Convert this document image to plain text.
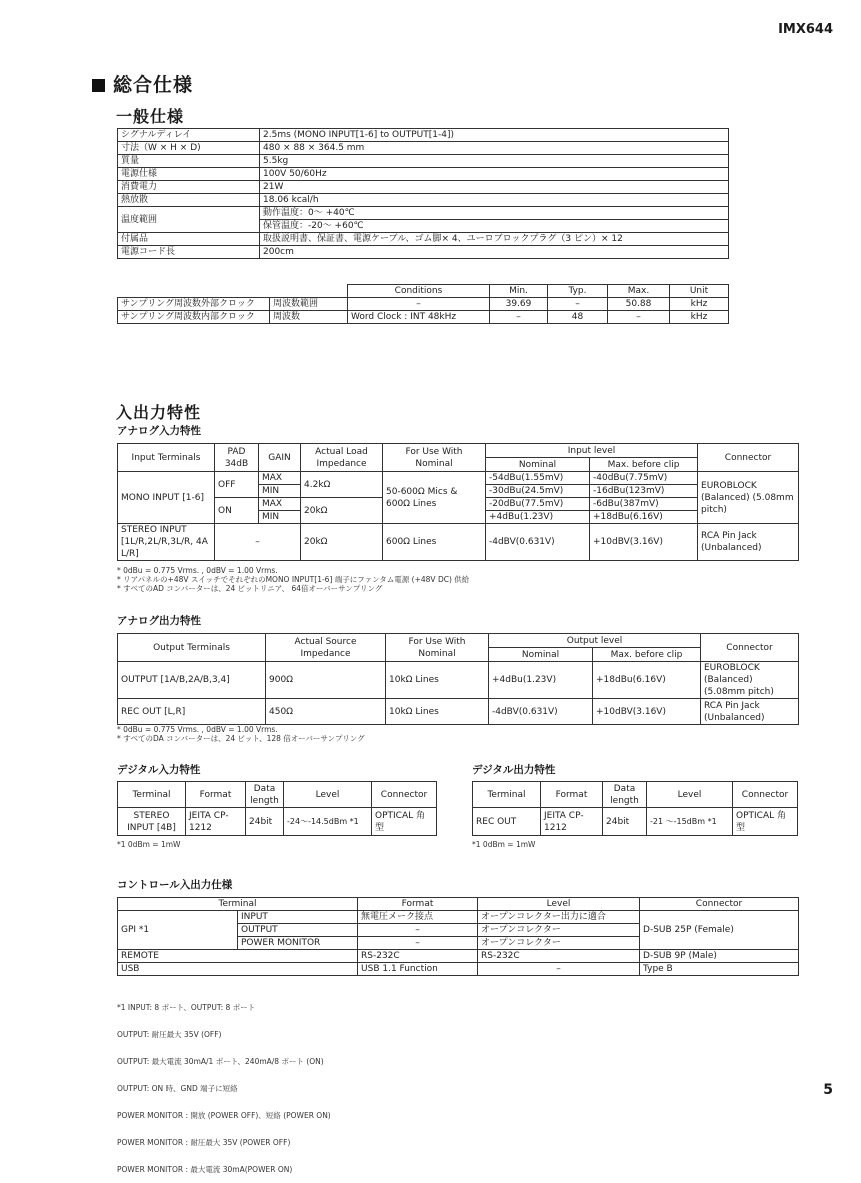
IMX644
総合仕様
一般仕様
シグナルディレイ	2.5ms (MONO INPUT[1-6] to OUTPUT[1-4])
寸法（W × H × D)	480 × 88 × 364.5 mm
質量	5.5kg
電源仕様	100V 50/60Hz
消費電力	21W
熱放散	18.06 kcal/h
温度範囲	動作温度：0～ +40℃
	保管温度：-20～ +60℃
付属品	取扱説明書、保証書、電源ケーブル、ゴム脚× 4、ユーロブロックプラグ（3 ピン）× 12
電源コード長	200cm
		Conditions	Min.	Typ.	Max.	Unit
サンプリング周波数外部クロック	周波数範囲	–	39.69	–	50.88	kHz
サンプリング周波数内部クロック	周波数	Word Clock : INT 48kHz	–	48	–	kHz
入出力特性
アナログ入力特性
Input Terminals	PAD 34dB	GAIN	Actual Load Impedance	For Use With Nominal	Input level		Connector
					Nominal	Max. before clip	
MONO INPUT [1-6]	OFF	MAX	4.2kΩ	50-600Ω Mics & 600Ω Lines	-54dBu(1.55mV)	-40dBu(7.75mV)	EUROBLOCK (Balanced) (5.08mm pitch)
		MIN			-30dBu(24.5mV)	-16dBu(123mV)	
	ON	MAX	20kΩ		-20dBu(77.5mV)	-6dBu(387mV)	
		MIN			+4dBu(1.23V)	+18dBu(6.16V)	
STEREO INPUT [1L/R,2L/R,3L/R, 4A L/R]	–		20kΩ	600Ω Lines	-4dBV(0.631V)	+10dBV(3.16V)	RCA Pin Jack (Unbalanced)
* 0dBu = 0.775 Vrms. , 0dBV = 1.00 Vrms.
* リアパネルの+48V スイッチでそれぞれのMONO INPUT[1-6] 端子にファンタム電源 (+48V DC) 供給
* すべてのAD コンバーターは、24 ビットリニア、 64倍オーバーサンプリング
アナログ出力特性
Output Terminals	Actual Source Impedance	For Use With Nominal	Output level		Connector
			Nominal	Max. before clip	
OUTPUT [1A/B,2A/B,3,4]	900Ω	10kΩ Lines	+4dBu(1.23V)	+18dBu(6.16V)	EUROBLOCK (Balanced) (5.08mm pitch)
REC OUT [L,R]	450Ω	10kΩ Lines	-4dBV(0.631V)	+10dBV(3.16V)	RCA Pin Jack (Unbalanced)
* 0dBu = 0.775 Vrms. , 0dBV = 1.00 Vrms.
* すべてのDA コンバーターは、24 ビット、128 倍オーバーサンプリング
デジタル入力特性
Terminal	Format	Data length	Level	Connector
STEREO INPUT [4B]	JEITA CP-1212	24bit	-24～-14.5dBm *1	OPTICAL 角型
*1 0dBm = 1mW
デジタル出力特性
Terminal	Format	Data length	Level	Connector
REC OUT	JEITA CP-1212	24bit	-21 ～-15dBm *1	OPTICAL 角型
*1 0dBm = 1mW
コントロール入出力仕様
Terminal		Format	Level	Connector
GPI *1	INPUT	無電圧メーク接点	オープンコレクター出力に適合	D-SUB 25P (Female)
	OUTPUT	–	オープンコレクター	
	POWER MONITOR	–	オープンコレクター	
REMOTE		RS-232C	RS-232C	D-SUB 9P (Male)
USB		USB 1.1 Function	–	Type B

*1 INPUT: 8 ポート、OUTPUT: 8 ポート

OUTPUT: 耐圧最大 35V (OFF)

OUTPUT: 最大電流 30mA/1 ポート、240mA/8 ポート (ON)

OUTPUT: ON 時、GND 端子に短絡

POWER MONITOR : 開放 (POWER OFF)、短絡 (POWER ON)

POWER MONITOR : 耐圧最大 35V (POWER OFF)

POWER MONITOR : 最大電流 30mA(POWER ON)

5
